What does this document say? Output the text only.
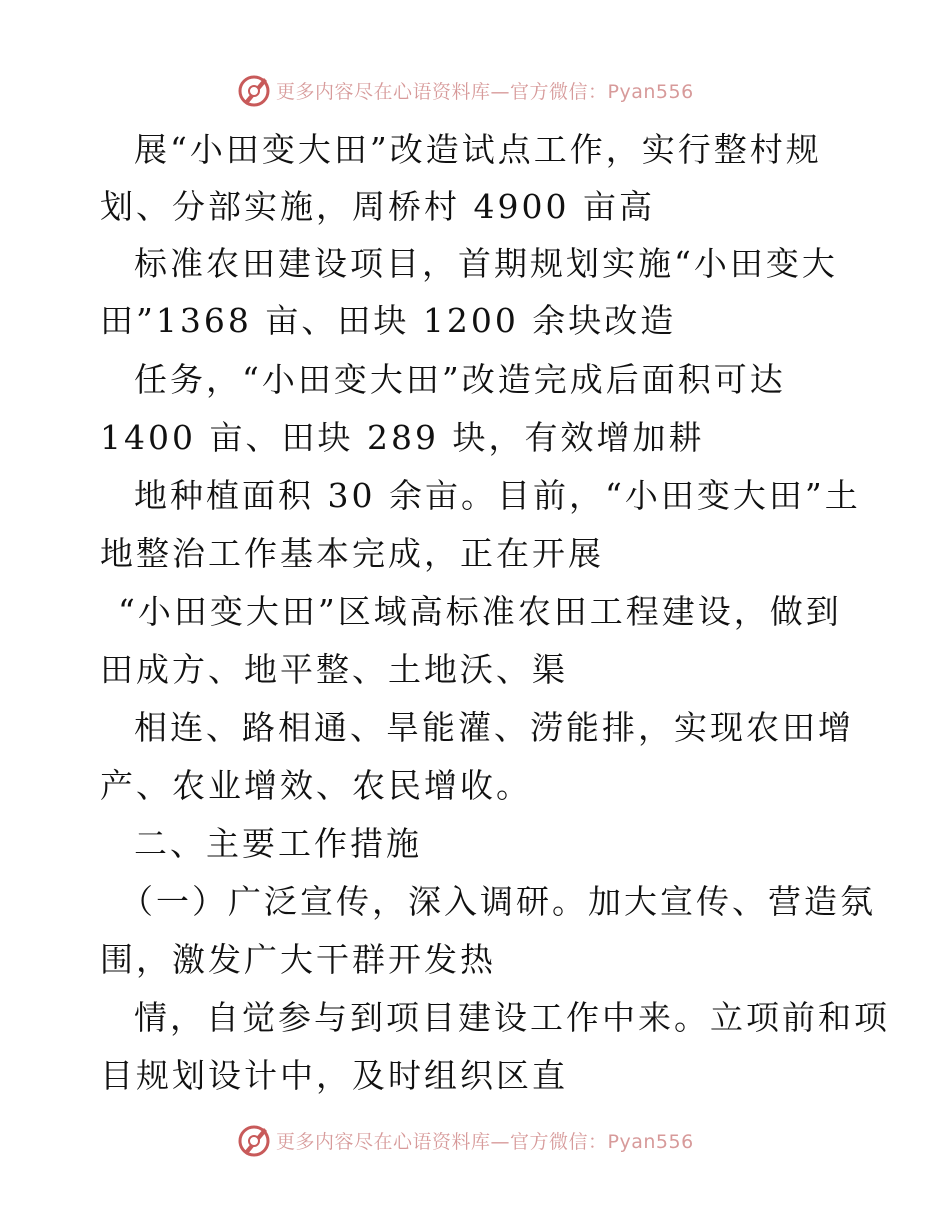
更多内容尽在心语资料库—官方微信：Pyan556
展“小田变大田”改造试点工作，实行整村规
划、分部实施，周桥村 4900 亩高
标准农田建设项目，首期规划实施“小田变大
田”1368 亩、田块 1200 余块改造
任务，“小田变大田”改造完成后面积可达
1400 亩、田块 289 块，有效增加耕
地种植面积 30 余亩。目前，“小田变大田”土
地整治工作基本完成，正在开展
“小田变大田”区域高标准农田工程建设，做到
田成方、地平整、土地沃、渠
相连、路相通、旱能灌、涝能排，实现农田增
产、农业增效、农民增收。
二、主要工作措施
（一）广泛宣传，深入调研。加大宣传、营造氛
围，激发广大干群开发热
情，自觉参与到项目建设工作中来。立项前和项
目规划设计中，及时组织区直
更多内容尽在心语资料库—官方微信：Pyan556
